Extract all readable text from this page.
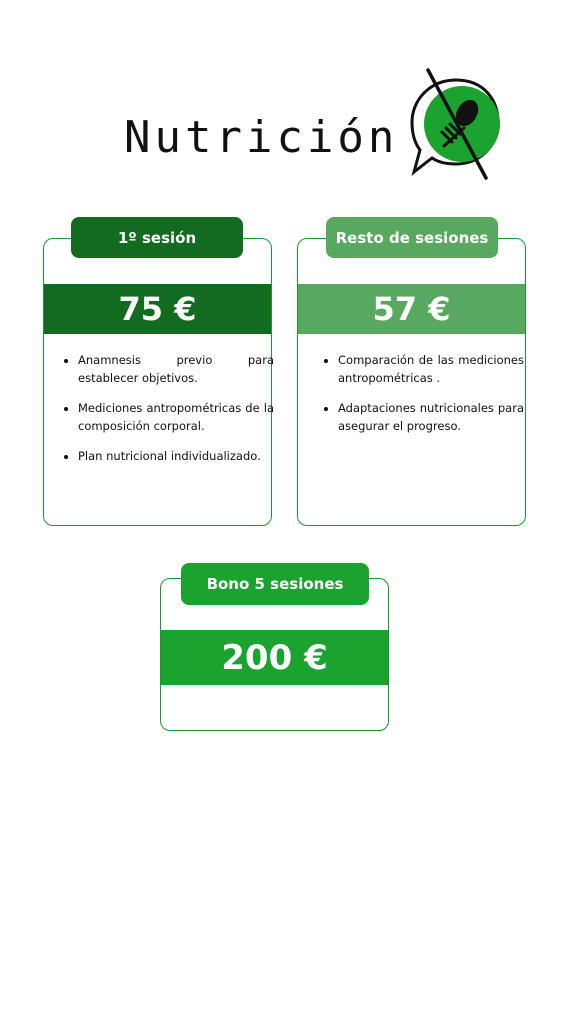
Nutrición
75 €
• Anamnesis previo para establecer objetivos.
• Mediciones antropométricas de la composición corporal.
• Plan nutricional individualizado.
1º sesión
57 €
• Comparación de las mediciones antropométricas .
• Adaptaciones nutricionales para asegurar el progreso.
Resto de sesiones
200 €
Bono 5 sesiones
